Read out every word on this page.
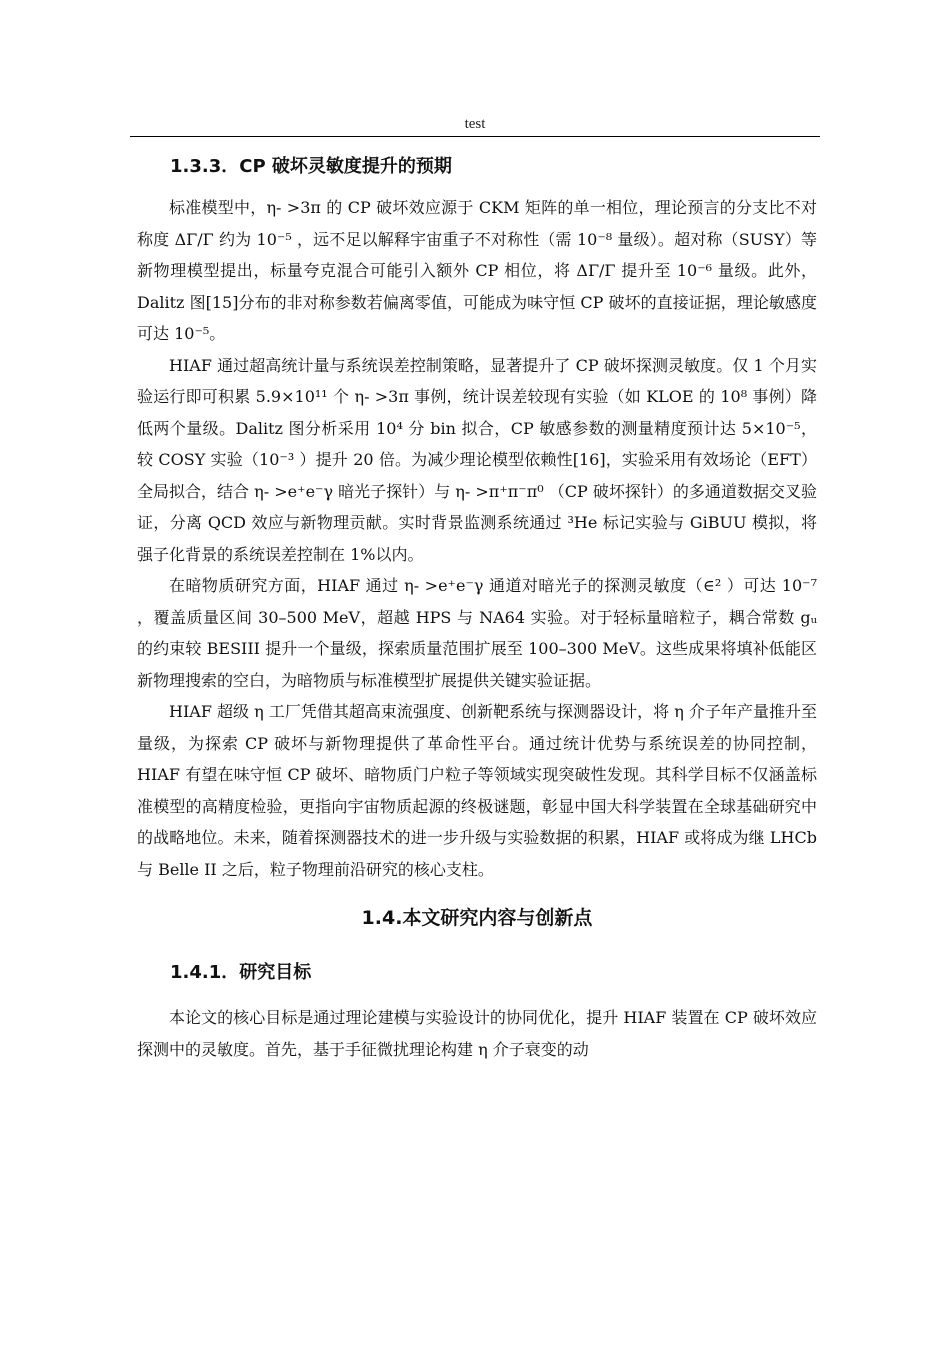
test
1.3.3．CP 破坏灵敏度提升的预期

标准模型中，η- >3π 的 CP 破坏效应源于 CKM 矩阵的单一相位，理论预言的分支比不对称度 ΔΓ/Γ 约为 10⁻⁵ ，远不足以解释宇宙重子不对称性（需 10⁻⁸ 量级）。超对称（SUSY）等新物理模型提出，标量夸克混合可能引入额外 CP 相位，将 ΔΓ/Γ 提升至 10⁻⁶ 量级。此外，Dalitz 图[15]分布的非对称参数若偏离零值，可能成为味守恒 CP 破坏的直接证据，理论敏感度可达 10⁻⁵。

HIAF 通过超高统计量与系统误差控制策略，显著提升了 CP 破坏探测灵敏度。仅 1 个月实验运行即可积累 5.9×10¹¹ 个 η- >3π 事例，统计误差较现有实验（如 KLOE 的 10⁸ 事例）降低两个量级。Dalitz 图分析采用 10⁴ 分 bin 拟合，CP 敏感参数的测量精度预计达 5×10⁻⁵，较 COSY 实验（10⁻³ ）提升 20 倍。为减少理论模型依赖性[16]，实验采用有效场论（EFT）全局拟合，结合 η- >e⁺e⁻γ 暗光子探针）与 η- >π⁺π⁻π⁰ （CP 破坏探针）的多通道数据交叉验证，分离 QCD 效应与新物理贡献。实时背景监测系统通过 ³He 标记实验与 GiBUU 模拟，将强子化背景的系统误差控制在 1%以内。

在暗物质研究方面，HIAF 通过 η- >e⁺e⁻γ 通道对暗光子的探测灵敏度（∈² ）可达 10⁻⁷ ，覆盖质量区间 30–500 MeV，超越 HPS 与 NA64 实验。对于轻标量暗粒子，耦合常数 gᵤ 的约束较 BESIII 提升一个量级，探索质量范围扩展至 100–300 MeV。这些成果将填补低能区新物理搜索的空白，为暗物质与标准模型扩展提供关键实验证据。

HIAF 超级 η 工厂凭借其超高束流强度、创新靶系统与探测器设计，将 η 介子年产量推升至量级，为探索 CP 破坏与新物理提供了革命性平台。通过统计优势与系统误差的协同控制，HIAF 有望在味守恒 CP 破坏、暗物质门户粒子等领域实现突破性发现。其科学目标不仅涵盖标准模型的高精度检验，更指向宇宙物质起源的终极谜题，彰显中国大科学装置在全球基础研究中的战略地位。未来，随着探测器技术的进一步升级与实验数据的积累，HIAF 或将成为继 LHCb 与 Belle II 之后，粒子物理前沿研究的核心支柱。

1.4.本文研究内容与创新点
1.4.1．研究目标

本论文的核心目标是通过理论建模与实验设计的协同优化，提升 HIAF 装置在 CP 破坏效应探测中的灵敏度。首先，基于手征微扰理论构建 η 介子衰变的动
